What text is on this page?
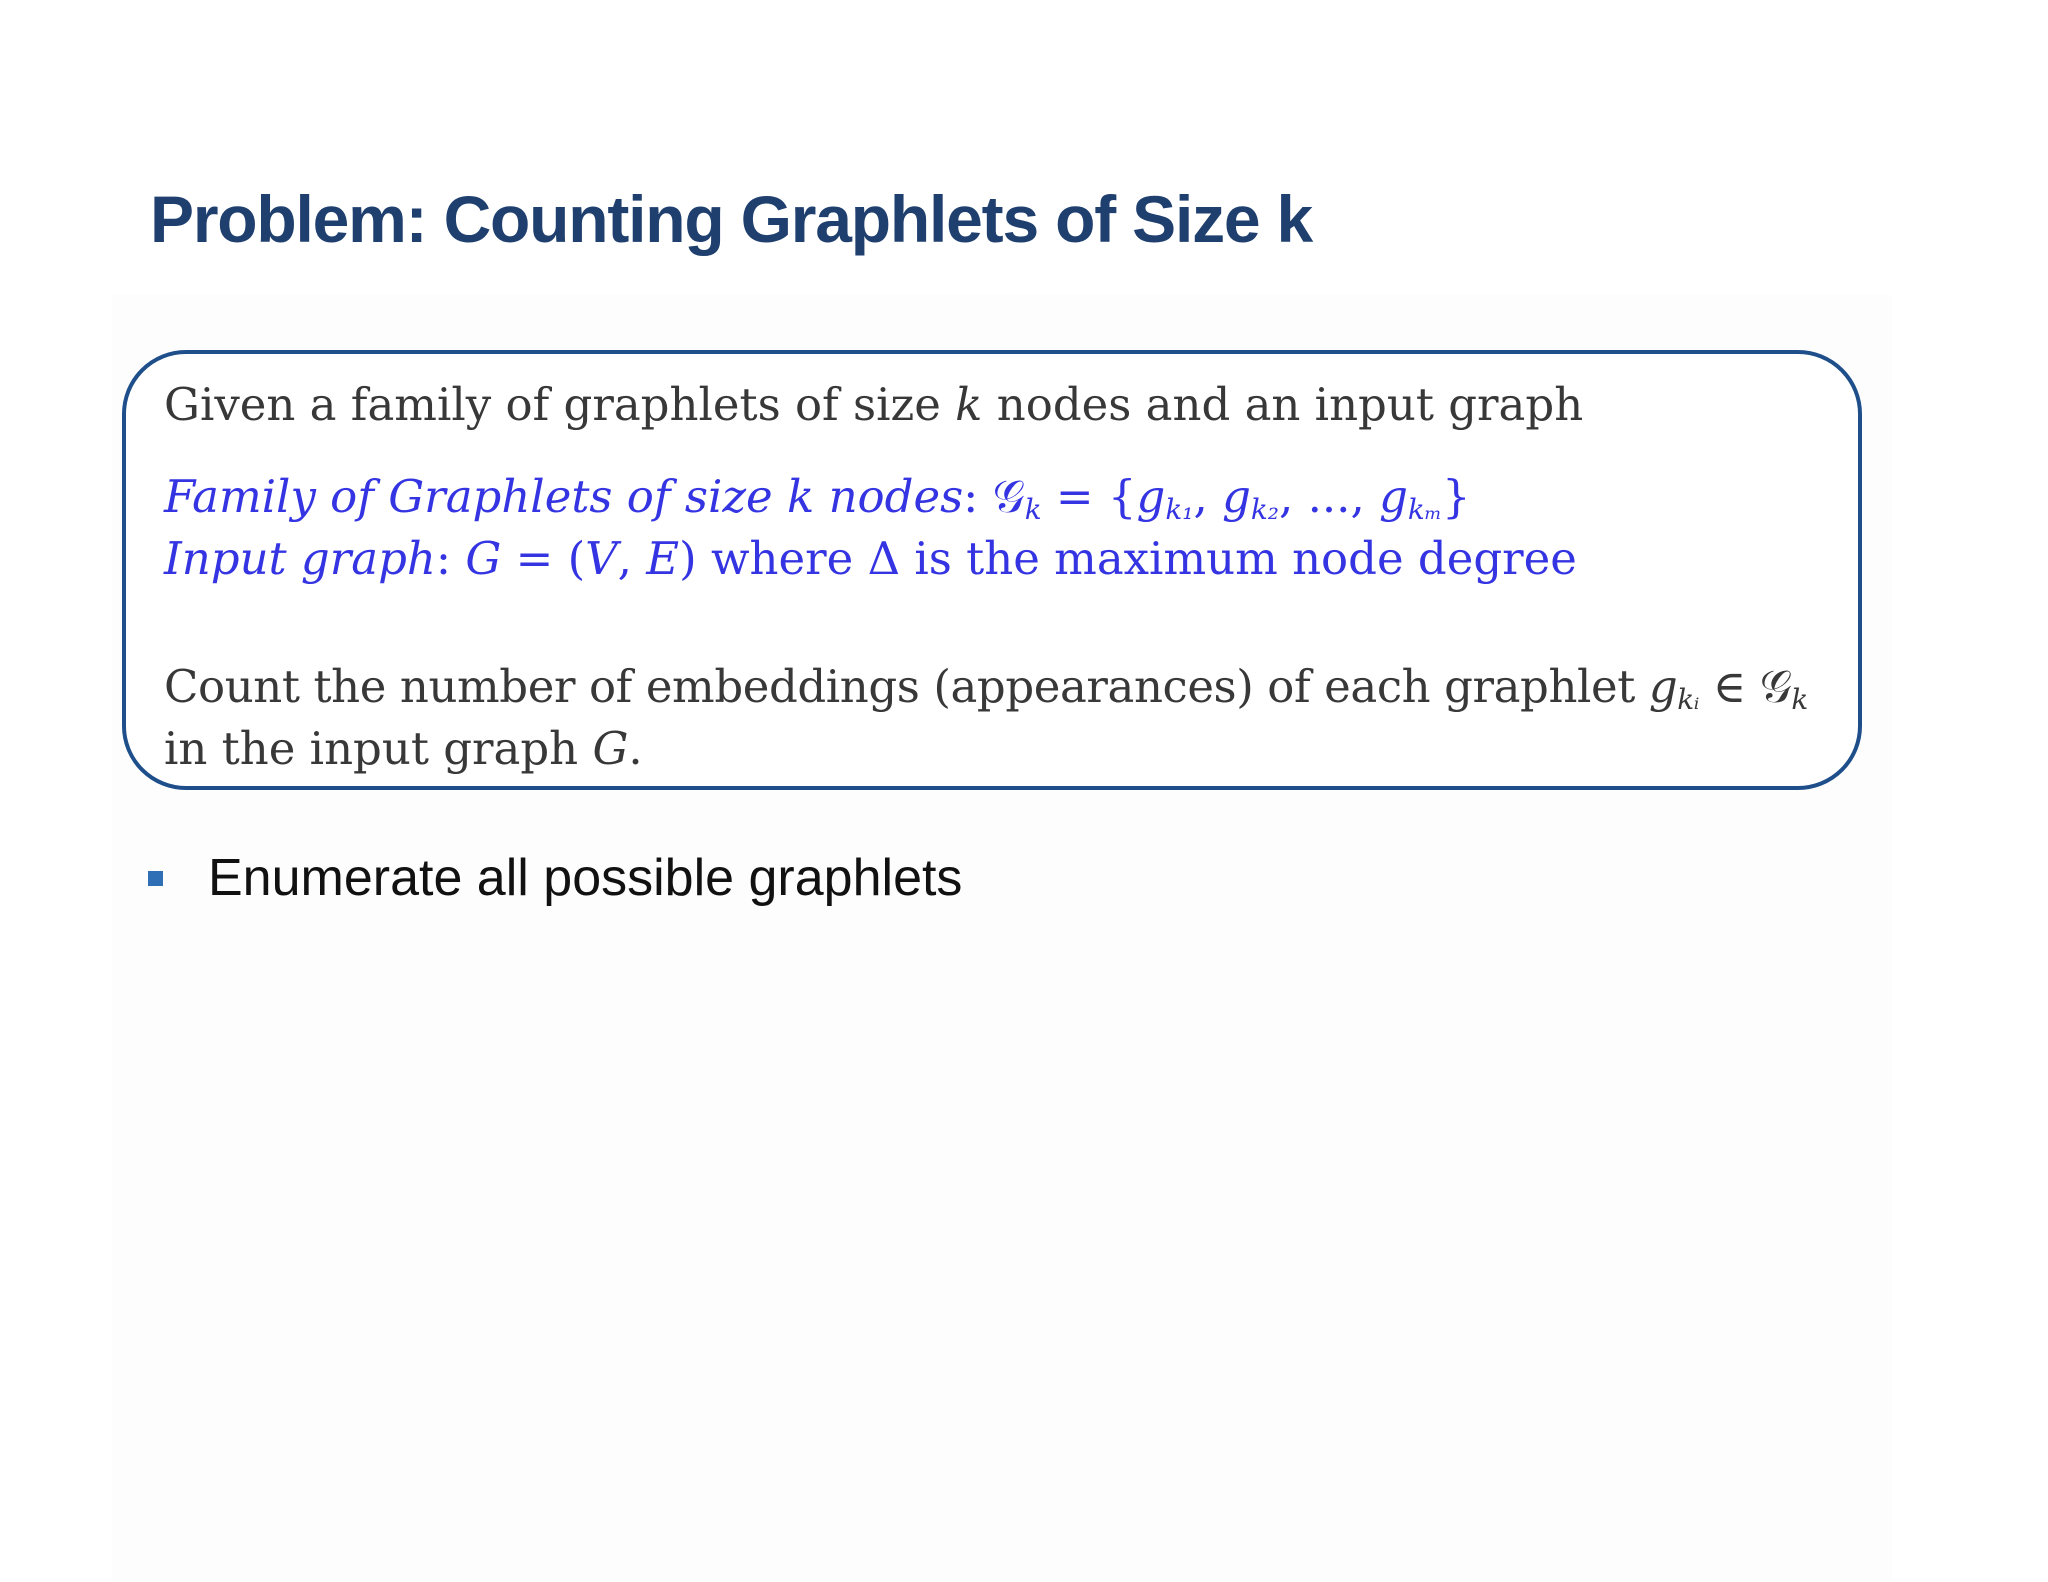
Problem: Counting Graphlets of Size k
Given a family of graphlets of size k nodes and an input graph
Family of Graphlets of size k nodes: 𝒢$_k$ = {$g_{k_1}$, $g_{k_2}$, ..., $g_{k_m}$}
Input graph: G = (V, E) where Δ is the maximum node degree
Count the number of embeddings (appearances) of each graphlet $g_{kᵢ}$ ∈ 𝒢$_k$
in the input graph G.
Enumerate all possible graphlets
